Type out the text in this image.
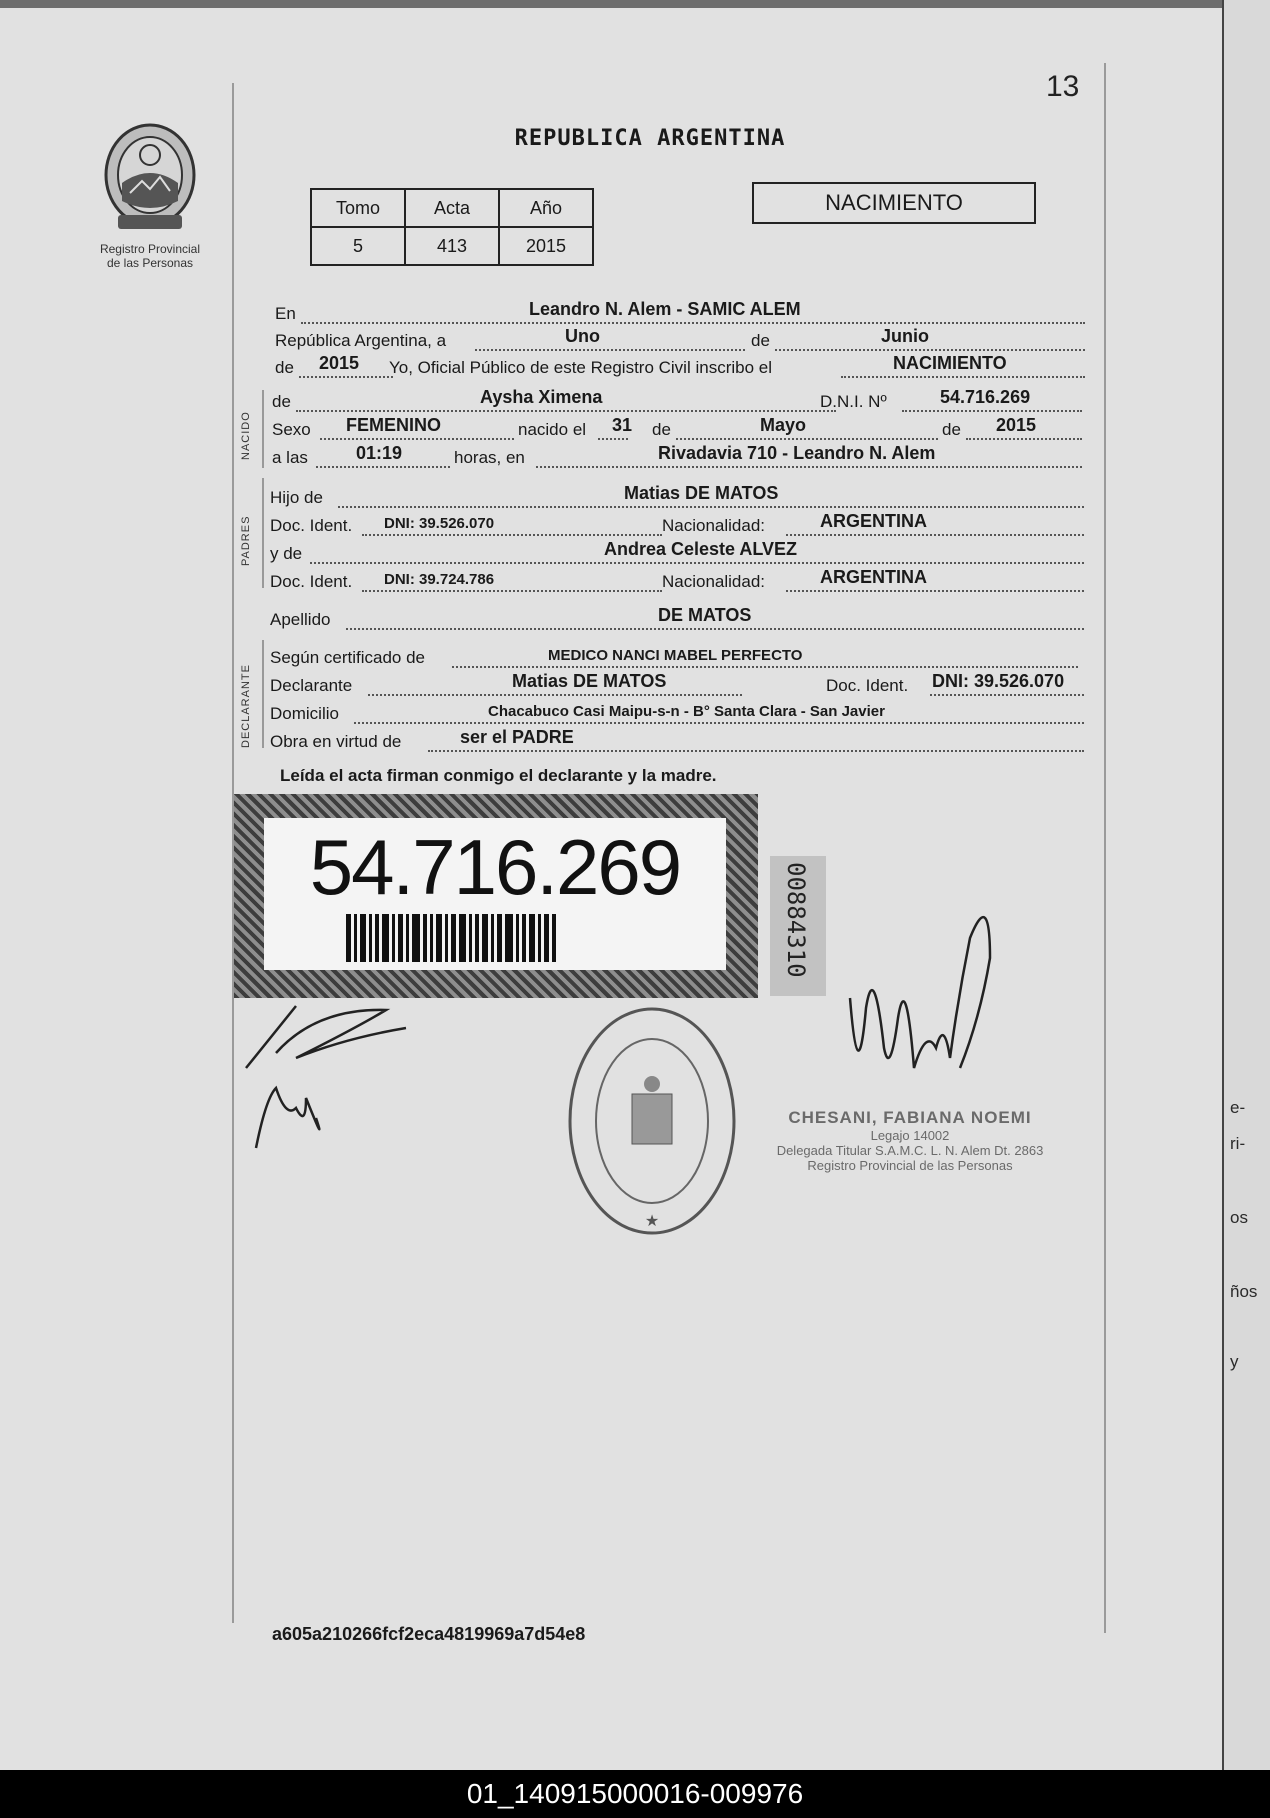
13
Registro Provincial
de las Personas
REPUBLICA ARGENTINA
Tomo	Acta	Año
5	413	2015
NACIMIENTO
En	Leandro N. Alem - SAMIC ALEM
República Argentina, a	Uno	de	Junio
de 2015 Yo, Oficial Público de este Registro Civil inscribo el	NACIMIENTO
NACIDO
de	Aysha Ximena	D.N.I. Nº	54.716.269
Sexo FEMENINO	nacido el 31 de	Mayo	de 2015
a las	01:19	horas, en	Rivadavia 710 - Leandro N. Alem
PADRES
Hijo de	Matias DE MATOS
Doc. Ident. DNI: 39.526.070	Nacionalidad:	ARGENTINA
y de	Andrea Celeste ALVEZ
Doc. Ident. DNI: 39.724.786	Nacionalidad:	ARGENTINA
Apellido	DE MATOS
DECLARANTE
Según certificado de	MEDICO NANCI MABEL PERFECTO
Declarante	Matias DE MATOS	Doc. Ident. DNI: 39.526.070
Domicilio	Chacabuco Casi Maipu-s-n - B° Santa Clara - San Javier
Obra en virtud de	ser el PADRE
Leída el acta firman conmigo el declarante y la madre.
54.716.269	00884310
★
CHESANI, FABIANA NOEMI
Legajo 14002
Delegada Titular S.A.M.C. L. N. Alem Dt. 2863
Registro Provincial de las Personas
a605a210266fcf2eca4819969a7d54e8
e-
ri-
os
ños
y
01_140915000016-009976
